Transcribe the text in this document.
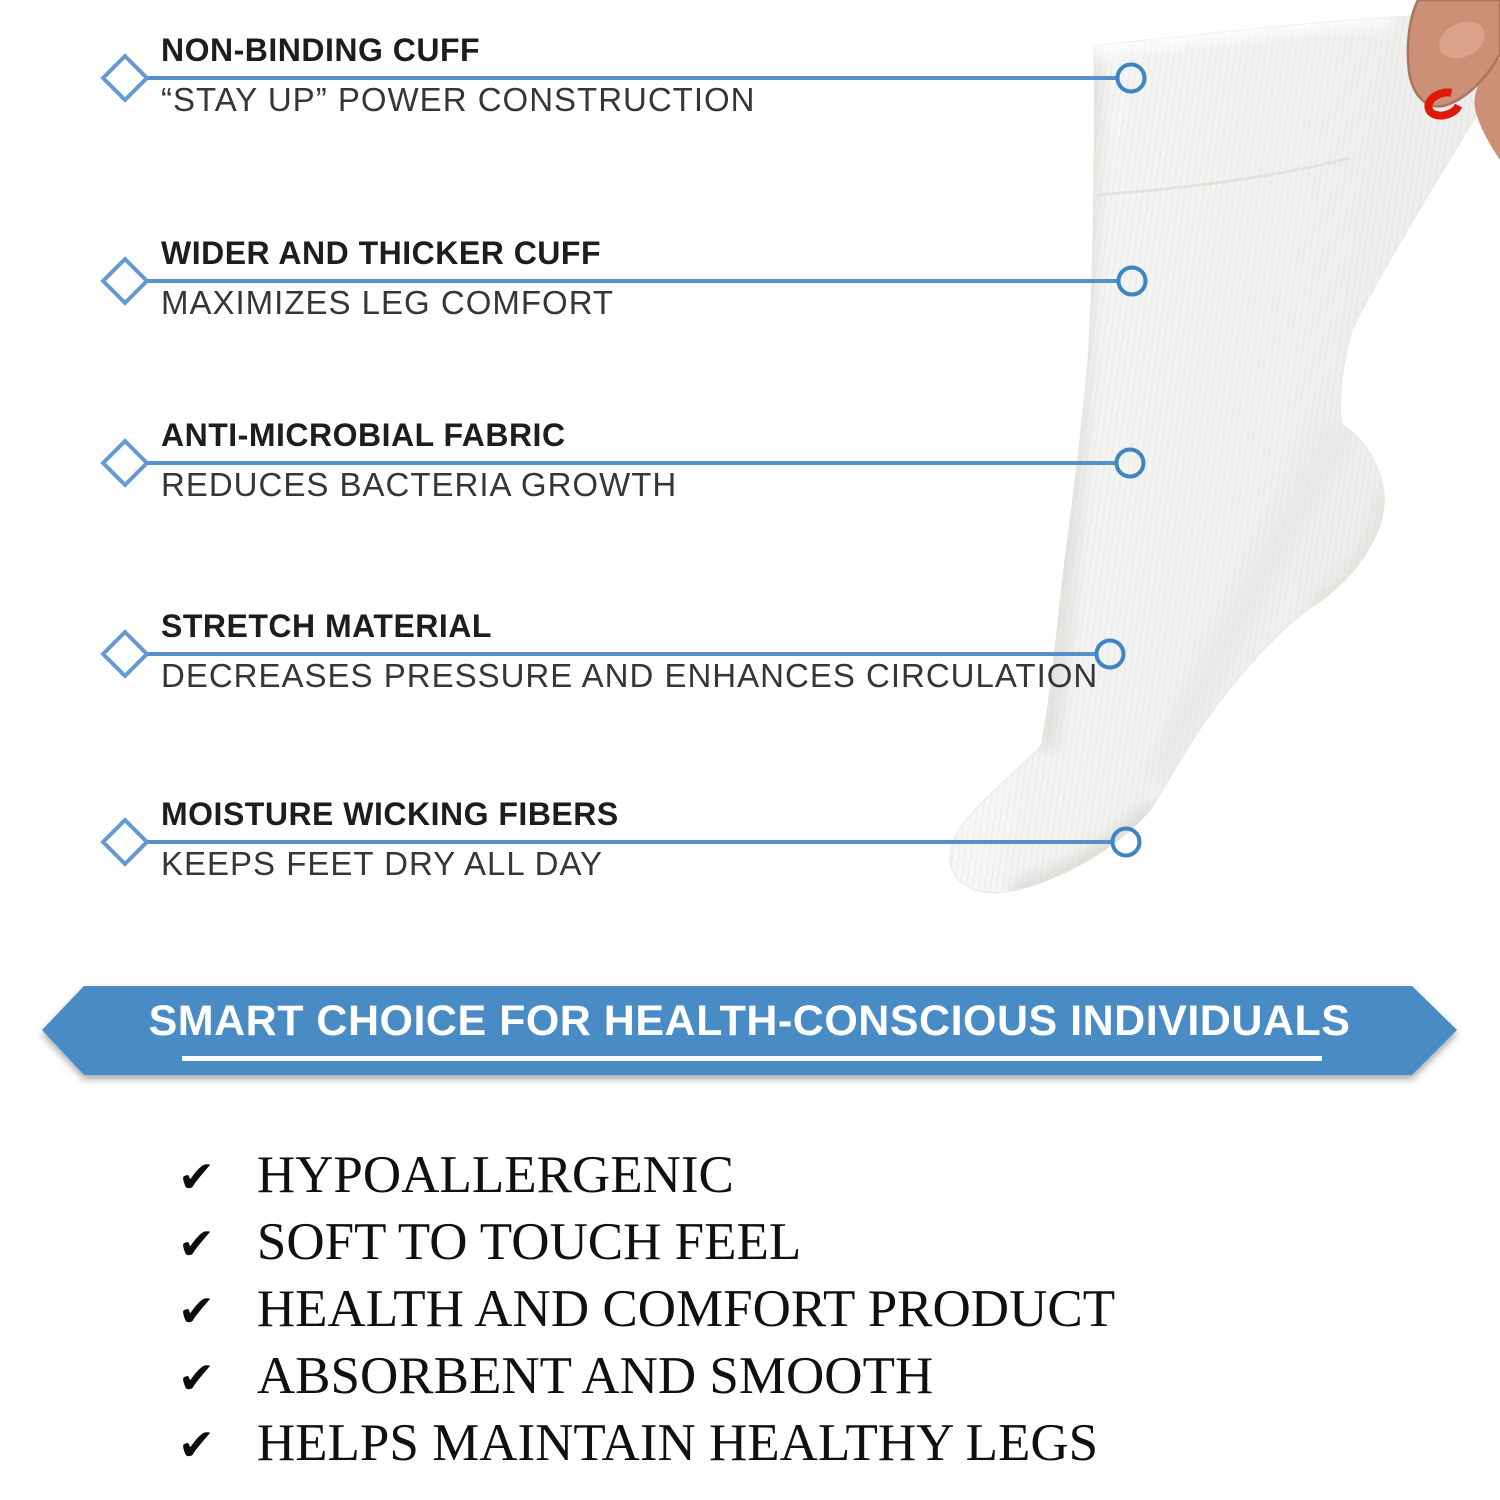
NON-BINDING CUFF
“STAY UP” POWER CONSTRUCTION
WIDER AND THICKER CUFF
MAXIMIZES LEG COMFORT
ANTI-MICROBIAL FABRIC
REDUCES BACTERIA GROWTH
STRETCH MATERIAL
DECREASES PRESSURE AND ENHANCES CIRCULATION
MOISTURE WICKING FIBERS
KEEPS FEET DRY ALL DAY
SMART CHOICE FOR HEALTH-CONSCIOUS INDIVIDUALS
✔ HYPOALLERGENIC
✔ SOFT TO TOUCH FEEL
✔ HEALTH AND COMFORT PRODUCT
✔ ABSORBENT AND SMOOTH
✔ HELPS MAINTAIN HEALTHY LEGS
